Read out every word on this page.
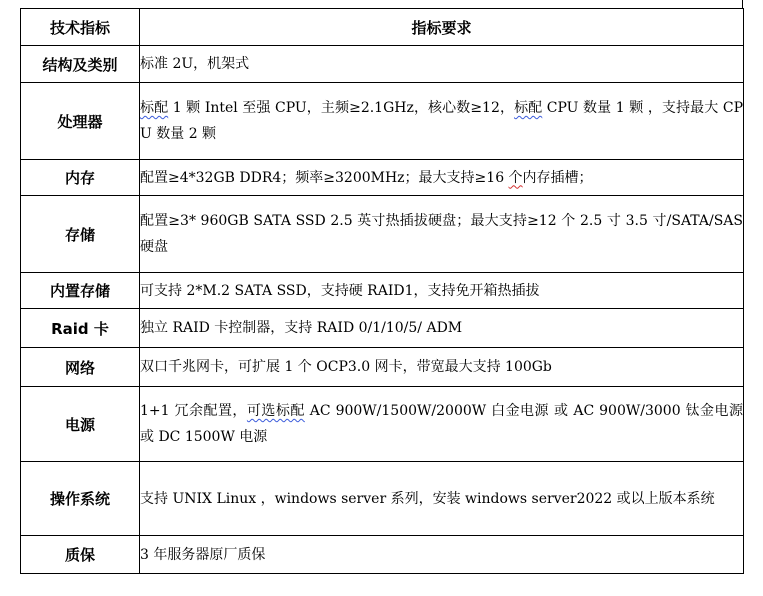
技术指标	指标要求
结构及类别	标准 2U，机架式
处理器	标配 1 颗 Intel 至强 CPU，主频≥2.1GHz，核心数≥12，标配 CPU 数量 1 颗 ，支持最大 CPU 数量 2 颗
内存	配置≥4*32GB DDR4；频率≥3200MHz；最大支持≥16 个内存插槽；
存储	配置≥3* 960GB SATA SSD 2.5 英寸热插拔硬盘；最大支持≥12 个 2.5 寸 3.5 寸/SATA/SAS 硬盘
内置存储	可支持 2*M.2 SATA SSD，支持硬 RAID1，支持免开箱热插拔
Raid 卡	独立 RAID 卡控制器，支持 RAID 0/1/10/5/ ADM
网络	双口千兆网卡，可扩展 1 个 OCP3.0 网卡，带宽最大支持 100Gb
电源	1+1 冗余配置，可选标配 AC 900W/1500W/2000W 白金电源 或 AC 900W/3000 钛金电源 或 DC 1500W 电源
操作系统	支持 UNIX Linux ，windows server 系列，安装 windows server2022 或以上版本系统
质保	3 年服务器原厂质保
